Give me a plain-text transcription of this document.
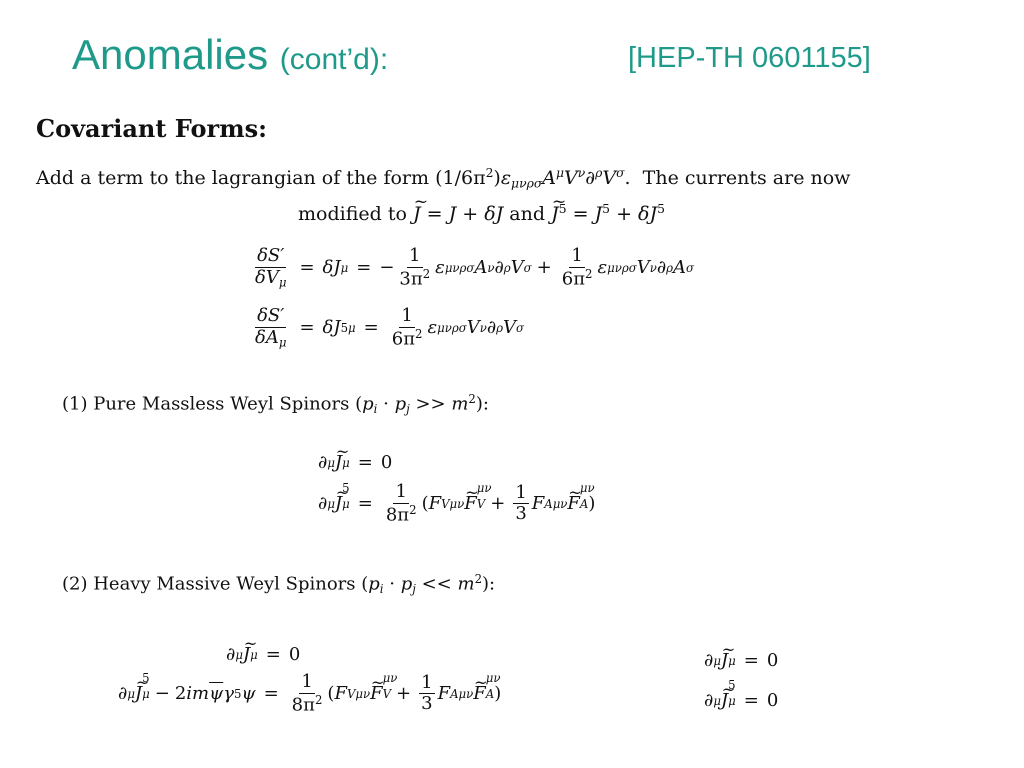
Anomalies (cont’d):	[HEP-TH 0601155]
Covariant Forms:
Add a term to the lagrangian of the form $(1/6\pi^2)\varepsilon_{\mu\nu\rho\sigma}A^\mu V^\nu\partial^\rho V^\sigma$.  The currents are now
modified to ~ J = J + δJ and ~ $J^5 = J^5 + \delta J^5$
$\frac{\delta S'}{\delta V_\mu} = \delta J$ μ = − $\frac{1}{3\pi^2}$ ε μνρσ A ν ∂ ρ V $\sigma + \frac{1}{6\pi^2}$ ε μνρσ V ν ∂ ρ A σ
$\frac{\delta S'}{\delta A_\mu} = \delta J$ $5\mu = \frac{1}{6\pi^2}$ ε μνρσ V ν ∂ ρ V σ
(1) Pure Massless Weyl Spinors $(p_i \cdot p_j >> m^2)$:
∂ μ ~ J μ = 0
∂ μ ~ J
5
$\mu = \frac{1}{8\pi^2}$ ( F Vμν ~ F
μν
$V + \frac{1}{3}$ F Aμν ~ F
μν
A )
(2) Heavy Massive Weyl Spinors $(p_i \cdot p_j << m^2)$:
∂ μ ~ J μ = 0
∂ μ ~ J
5
μ − 2 im $\overline{\psi}$ γ 5 $\psi = \frac{1}{8\pi^2}$ ( F Vμν ~ F
μν
$V + \frac{1}{3}$ F Aμν ~ F
μν
A )
∂ μ ~ J μ = 0
∂ μ ~ J
5
μ = 0
